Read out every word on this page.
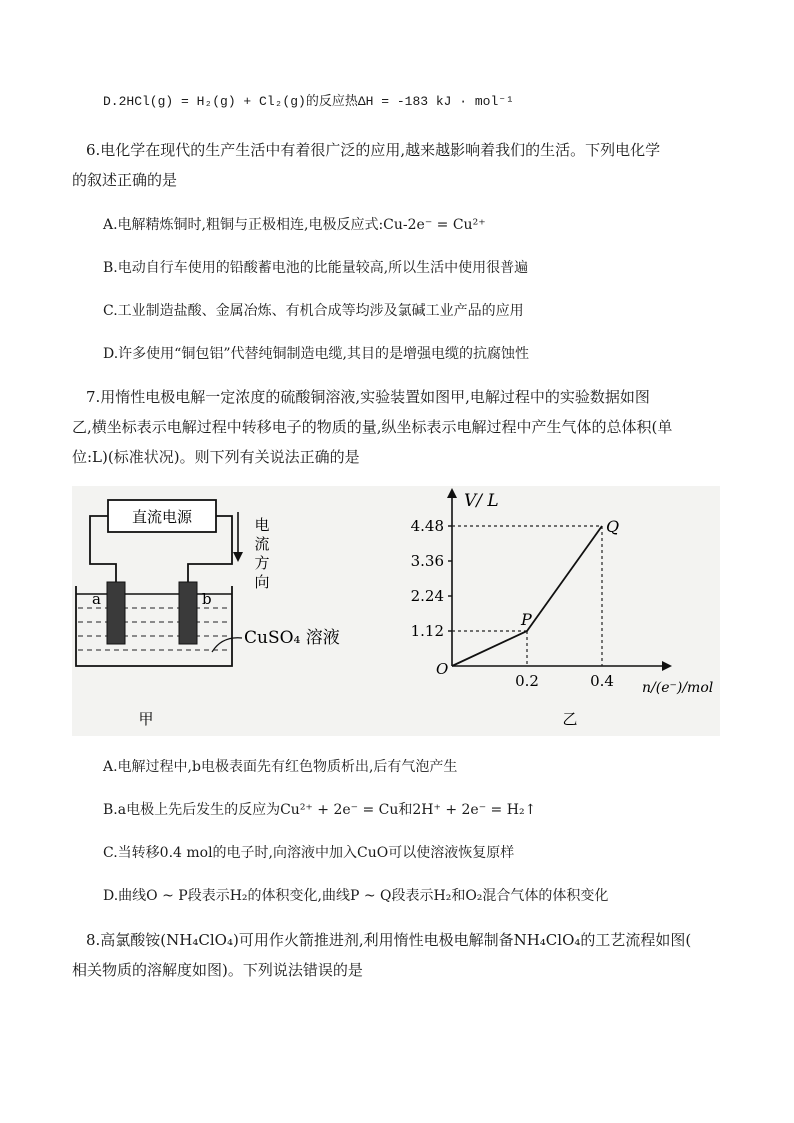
D.2HCl(g) = H₂(g) + Cl₂(g)的反应热ΔH = -183 kJ · mol⁻¹
6.电化学在现代的生产生活中有着很广泛的应用,越来越影响着我们的生活。下列电化学
的叙述正确的是
A.电解精炼铜时,粗铜与正极相连,电极反应式:Cu-2e⁻ = Cu²⁺
B.电动自行车使用的铅酸蓄电池的比能量较高,所以生活中使用很普遍
C.工业制造盐酸、金属冶炼、有机合成等均涉及氯碱工业产品的应用
D.许多使用“铜包铝”代替纯铜制造电缆,其目的是增强电缆的抗腐蚀性
7.用惰性电极电解一定浓度的硫酸铜溶液,实验装置如图甲,电解过程中的实验数据如图
乙,横坐标表示电解过程中转移电子的物质的量,纵坐标表示电解过程中产生气体的总体积(单
位:L)(标准状况)。则下列有关说法正确的是
直流电源	电
流
方
向
a	b
CuSO₄ 溶液
甲
V/ L
n/(e⁻)/mol
O
1.12
2.24
3.36
4.48
0.2	0.4
P
Q
乙
A.电解过程中,b电极表面先有红色物质析出,后有气泡产生
B.a电极上先后发生的反应为Cu²⁺ + 2e⁻ = Cu和2H⁺ + 2e⁻ = H₂↑
C.当转移0.4 mol的电子时,向溶液中加入CuO可以使溶液恢复原样
D.曲线O ~ P段表示H₂的体积变化,曲线P ~ Q段表示H₂和O₂混合气体的体积变化
8.高氯酸铵(NH₄ClO₄)可用作火箭推进剂,利用惰性电极电解制备NH₄ClO₄的工艺流程如图(
相关物质的溶解度如图)。下列说法错误的是
